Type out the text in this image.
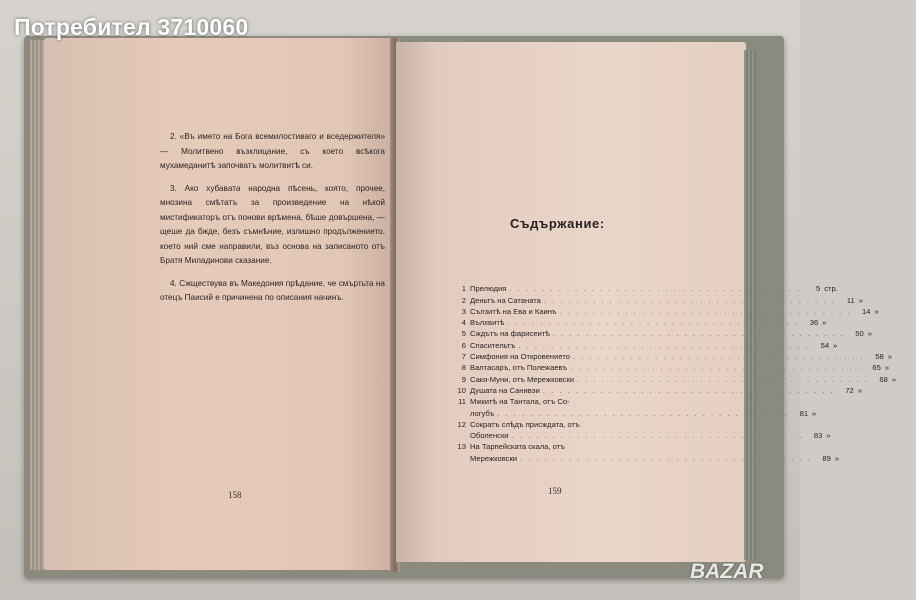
2. «Въ името на Бога всемилостиваго и вседержителя» — Молитвено възклицание, съ което всѣкога мухамеданитѣ започватъ молитвитѣ си.

3. Ако хубавата народна пѣсень, която, прочее, мнозина смѣтатъ за произведение на нѣкой мистификаторъ отъ понови врѣмена, бѣше довършена, — щеше да бжде, безъ съмнѣние, излишно продължението, което ний сме направили, въз основа на записаното отъ Братя Миладинови сказание.

4. Сжществува въ Македония прѣдание, че смъртьта на отецъ Паисий е причинена по описания начинъ.

158
Съдържание:
1 Прелюдия . . . . . . . . . . . . . . . . . . . . . . . . . . . . . . . . . . . .	5 стр.
2 Деньтъ на Сатаната . . . . . . . . . . . . . . . . . . . . . . . . . . . . . . . . . . . .	11 »
3 Сълзитѣ на Ева и Каинъ . . . . . . . . . . . . . . . . . . . . . . . . . . . . . . . . . . . .	14 »
4 Вълхвитѣ . . . . . . . . . . . . . . . . . . . . . . . . . . . . . . . . . . . .	36 »
5 Сждътъ на фарисеитѣ . . . . . . . . . . . . . . . . . . . . . . . . . . . . . . . . . . . .	50 »
6 Спасительтъ . . . . . . . . . . . . . . . . . . . . . . . . . . . . . . . . . . . .	54 »
7 Симфония на Откровението . . . . . . . . . . . . . . . . . . . . . . . . . . . . . . . . . . . .	58 »
8 Валтасаръ, отъ Полежаевъ . . . . . . . . . . . . . . . . . . . . . . . . . . . . . . . . . . . .	65 »
9 Сакя-Муни, отъ Мережковски . . . . . . . . . . . . . . . . . . . . . . . . . . . . . . . . . . . .	68 »
10 Душата на Санивэи . . . . . . . . . . . . . . . . . . . . . . . . . . . . . . . . . . . .	72 »
11 Мжкитѣ на Тантала, отъ Со-
логубъ . . . . . . . . . . . . . . . . . . . . . . . . . . . . . . . . . . . .	81 »
12 Сократъ слѣдъ присждата, отъ
Оболенски . . . . . . . . . . . . . . . . . . . . . . . . . . . . . . . . . . . .	83 »
13 На Тарпейската скала, отъ
Мережковски . . . . . . . . . . . . . . . . . . . . . . . . . . . . . . . . . . . .	89 »
159
Потребител 3710060
BAZAR
